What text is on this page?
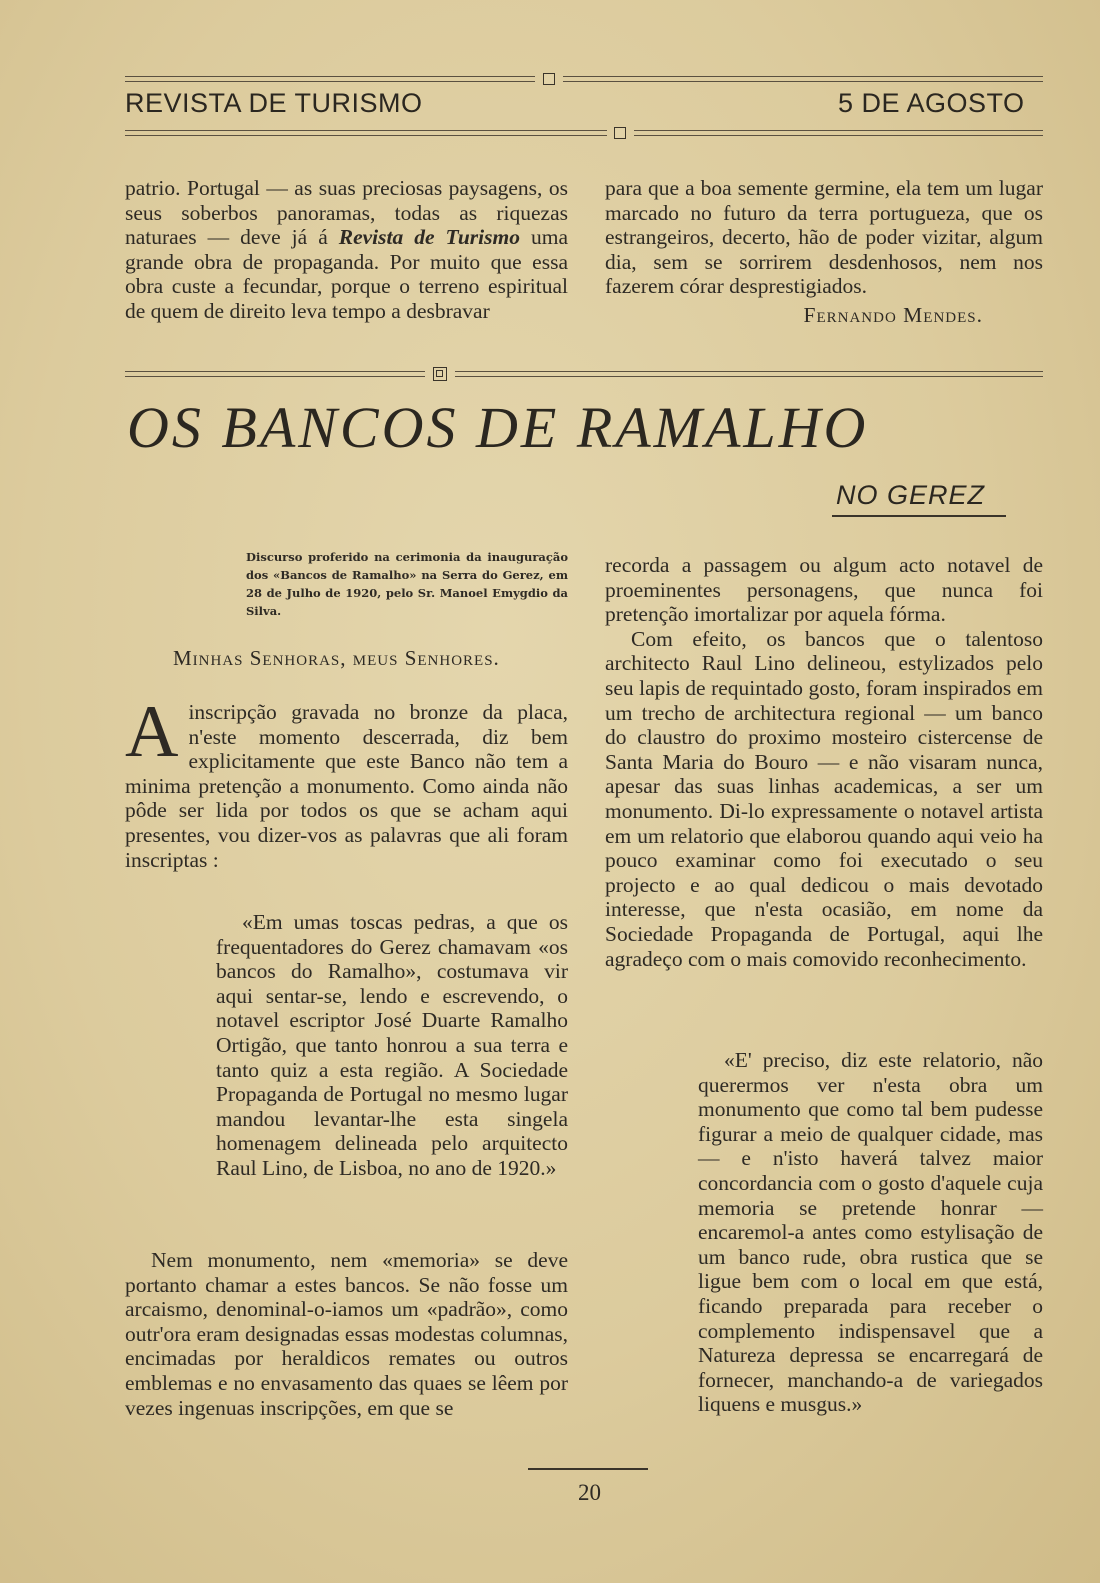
REVISTA DE TURISMO	5 DE AGOSTO

patrio. Portugal — as suas preciosas paysagens, os seus soberbos panoramas, todas as riquezas naturaes — deve já á Revista de Turismo uma grande obra de propaganda. Por muito que essa obra custe a fecundar, porque o terreno espiritual de quem de direito leva tempo a desbravar

para que a boa semente germine, ela tem um lugar marcado no futuro da terra portugueza, que os estrangeiros, decerto, hão de poder vizitar, algum dia, sem se sorrirem desdenhosos, nem nos fazerem córar desprestigiados.

Fernando Mendes.

OS BANCOS DE RAMALHO
NO GEREZ
Discurso proferido na cerimonia da inauguração dos «Bancos de Ramalho» na Serra do Gerez, em 28 de Julho de 1920, pelo Sr. Manoel Emygdio da Silva.
Minhas Senhoras, meus Senhores.

Ainscripção gravada no bronze da placa, n'este momento descerrada, diz bem explicitamente que este Banco não tem a minima pretenção a monumento. Como ainda não pôde ser lida por todos os que se acham aqui presentes, vou dizer-vos as palavras que ali foram inscriptas :

«Em umas toscas pedras, a que os frequentadores do Gerez chamavam «os bancos do Ramalho», costumava vir aqui sentar-se, lendo e escrevendo, o notavel escriptor José Duarte Ramalho Ortigão, que tanto honrou a sua terra e tanto quiz a esta região. A Sociedade Propaganda de Portugal no mesmo lugar mandou levantar-lhe esta singela homenagem delineada pelo arquitecto Raul Lino, de Lisboa, no ano de 1920.»

Nem monumento, nem «memoria» se deve portanto chamar a estes bancos. Se não fosse um arcaismo, denominal-o-iamos um «padrão», como outr'ora eram designadas essas modestas columnas, encimadas por heraldicos remates ou outros emblemas e no envasamento das quaes se lêem por vezes ingenuas inscripções, em que se

recorda a passagem ou algum acto notavel de proeminentes personagens, que nunca foi pretenção imortalizar por aquela fórma.

Com efeito, os bancos que o talentoso architecto Raul Lino delineou, estylizados pelo seu lapis de requintado gosto, foram inspirados em um trecho de architectura regional — um banco do claustro do proximo mosteiro cistercense de Santa Maria do Bouro — e não visaram nunca, apesar das suas linhas academicas, a ser um monumento. Di-lo expressamente o notavel artista em um relatorio que elaborou quando aqui veio ha pouco examinar como foi executado o seu projecto e ao qual dedicou o mais devotado interesse, que n'esta ocasião, em nome da Sociedade Propaganda de Portugal, aqui lhe agradeço com o mais comovido reconhecimento.

«E' preciso, diz este relatorio, não querermos ver n'esta obra um monumento que como tal bem pudesse figurar a meio de qualquer cidade, mas — e n'isto haverá talvez maior concordancia com o gosto d'aquele cuja memoria se pretende honrar — encaremol-a antes como estylisação de um banco rude, obra rustica que se ligue bem com o local em que está, ficando preparada para receber o complemento indispensavel que a Natureza depressa se encarregará de fornecer, manchando-a de variegados liquens e musgus.»

20
